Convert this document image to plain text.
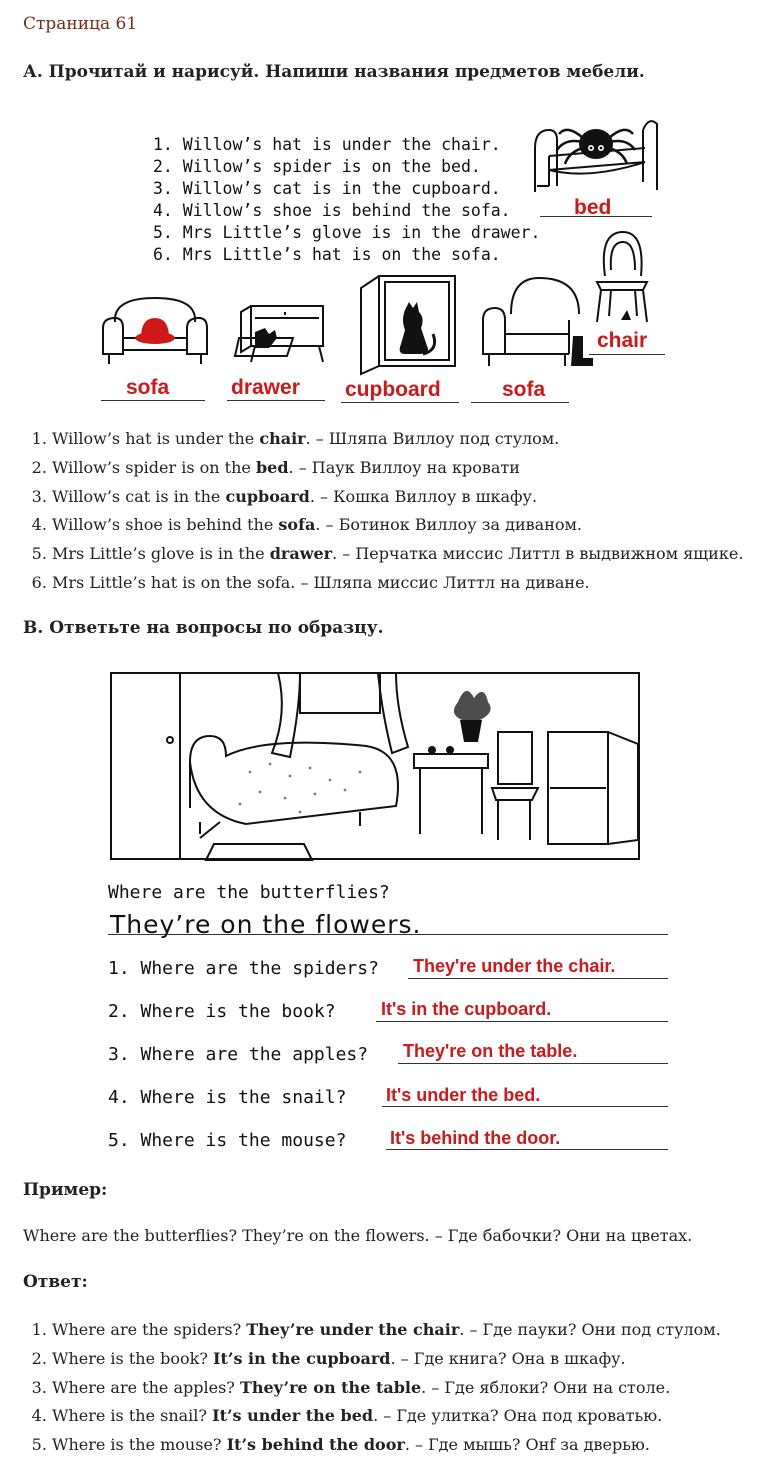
Страница 61
А. Прочитай и нарисуй. Напиши названия предметов мебели.
1. Willow’s hat is under the chair.
2. Willow’s spider is on the bed.
3. Willow’s cat is in the cupboard.
4. Willow’s shoe is behind the sofa.
5. Mrs Little’s glove is in the drawer.
6. Mrs Little’s hat is on the sofa.
bed
chair
sofa	drawer cupboard	sofa
1. Willow’s hat is under the chair. – Шляпа Виллоу под стулом.
2. Willow’s spider is on the bed. – Паук Виллоу на кровати
3. Willow’s cat is in the cupboard. – Кошка Виллоу в шкафу.
4. Willow’s shoe is behind the sofa. – Ботинок Виллоу за диваном.
5. Mrs Little’s glove is in the drawer. – Перчатка миссис Литтл в выдвижном ящике.
6. Mrs Little’s hat is on the sofa. – Шляпа миссис Литтл на диване.
B. Ответьте на вопросы по образцу.
Where are the butterflies?
They’re on the flowers.
1. Where are the spiders? They're under the chair.
2. Where is the book?	It's in the cupboard.
3. Where are the apples? They're on the table.
4. Where is the snail? It's under the bed.
5. Where is the mouse? It's behind the door.
Пример:
Where are the butterflies? They’re on the flowers. – Где бабочки? Они на цветах.
Ответ:
1. Where are the spiders? They’re under the chair. – Где пауки? Они под стулом.
2. Where is the book? It’s in the cupboard. – Где книга? Она в шкафу.
3. Where are the apples? They’re on the table. – Где яблоки? Они на столе.
4. Where is the snail? It’s under the bed. – Где улитка? Она под кроватью.
5. Where is the mouse? It’s behind the door. – Где мышь? Онf за дверью.
